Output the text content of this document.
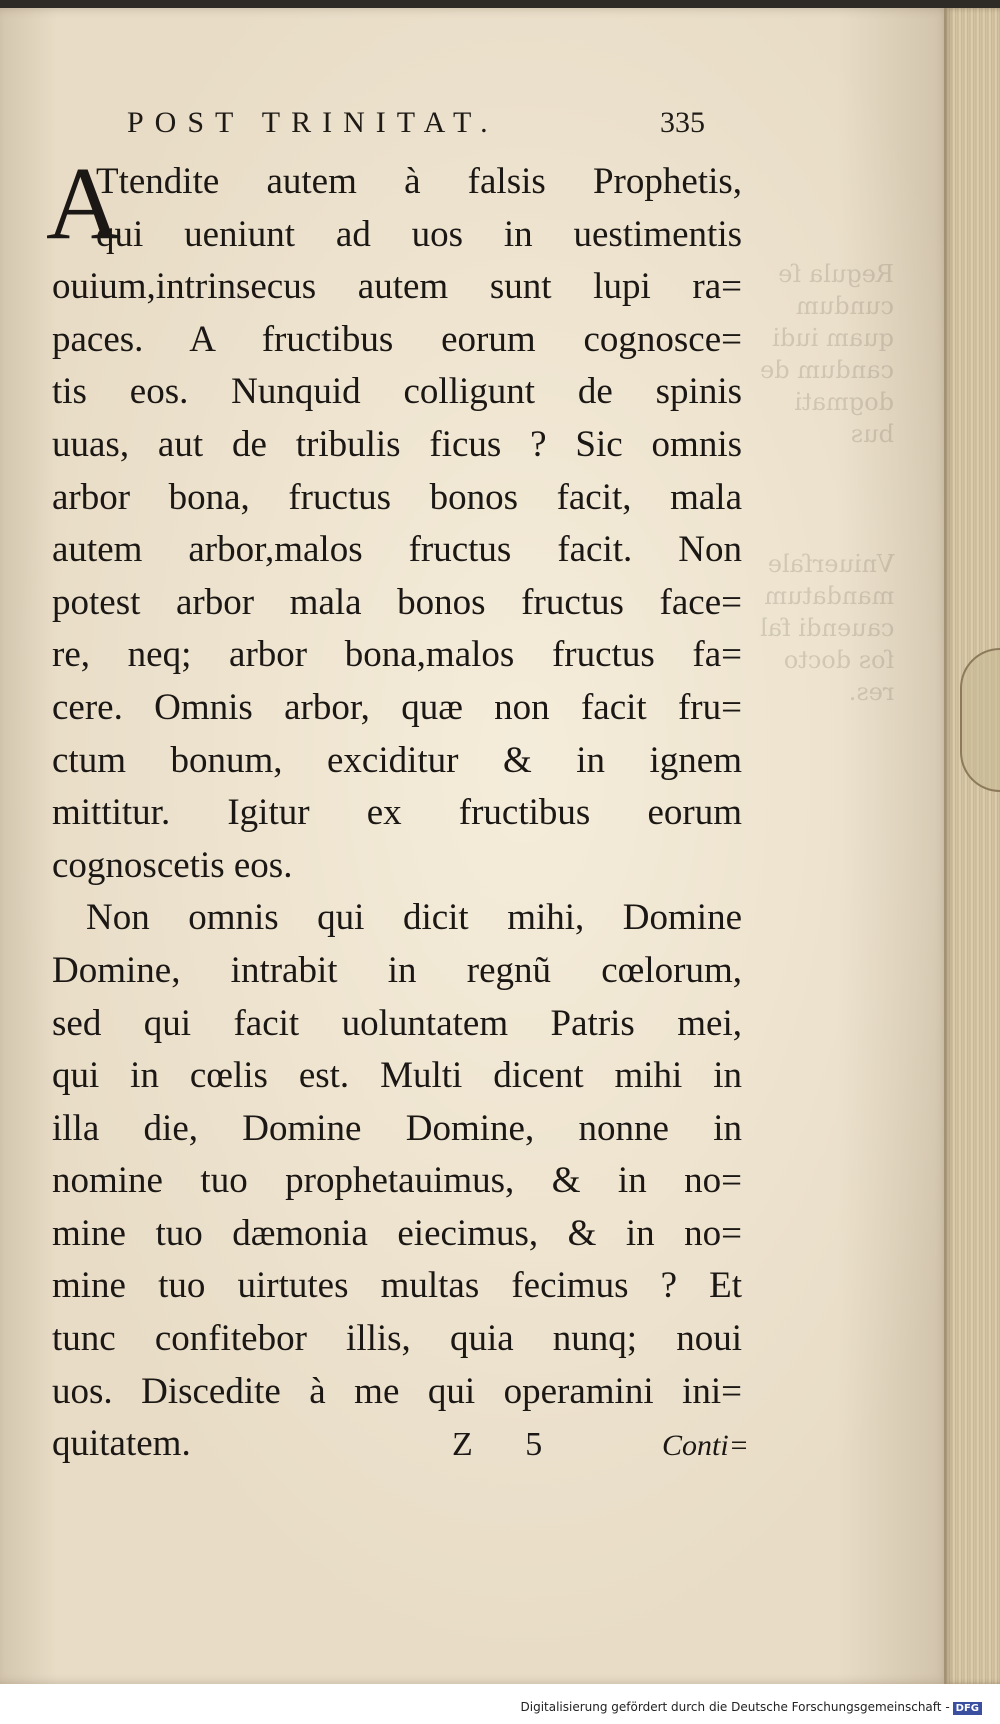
Regula ſe
cundum
quam iudi
candum de
dogmati
bus
Vniuerſale
mandatum
cauendi fal
ſos docto
res.
POST TRINITAT.	335
A
Ttendite autem à falsis Prophetis,
qui ueniunt ad uos in uestimentis
ouium,intrinsecus autem sunt lupi ra=
paces. A fructibus eorum cognosce=
tis eos. Nunquid colligunt de spinis
uuas, aut de tribulis ficus ? Sic omnis
arbor bona, fructus bonos facit, mala
autem arbor,malos fructus facit. Non
potest arbor mala bonos fructus face=
re, neq; arbor bona,malos fructus fa=
cere. Omnis arbor, quæ non facit fru=
ctum bonum, exciditur & in ignem
mittitur. Igitur ex fructibus eorum
cognoscetis eos.
Non omnis qui dicit mihi, Domine
Domine, intrabit in regnũ cœlorum,
sed qui facit uoluntatem Patris mei,
qui in cœlis est. Multi dicent mihi in
illa die, Domine Domine, nonne in
nomine tuo prophetauimus, & in no=
mine tuo dæmonia eiecimus, & in no=
mine tuo uirtutes multas fecimus ? Et
tunc confitebor illis, quia nunq; noui
uos. Discedite à me qui operamini ini=
quitatem.	Z 5	Conti=
Digitalisierung gefördert durch die Deutsche Forschungsgemeinschaft - DFG
